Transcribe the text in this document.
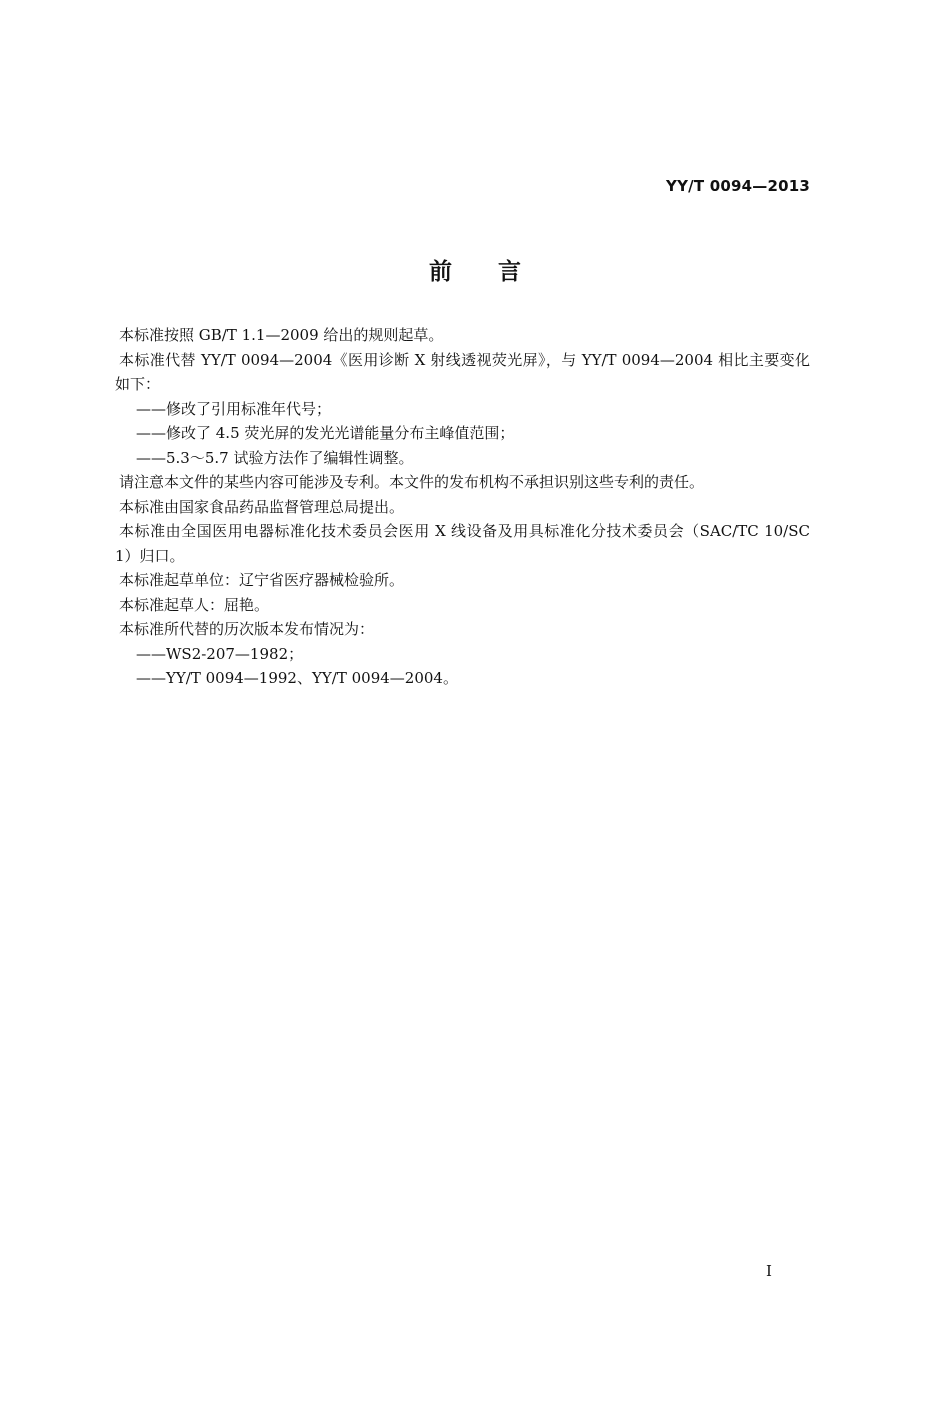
YY/T 0094—2013
前言

本标准按照 GB/T 1.1—2009 给出的规则起草。

本标准代替 YY/T 0094—2004《医用诊断 X 射线透视荧光屏》，与 YY/T 0094—2004 相比主要变化如下：

——修改了引用标准年代号；

——修改了 4.5 荧光屏的发光光谱能量分布主峰值范围；

——5.3～5.7 试验方法作了编辑性调整。

请注意本文件的某些内容可能涉及专利。本文件的发布机构不承担识别这些专利的责任。

本标准由国家食品药品监督管理总局提出。

本标准由全国医用电器标准化技术委员会医用 X 线设备及用具标准化分技术委员会（SAC/TC 10/SC 1）归口。

本标准起草单位：辽宁省医疗器械检验所。

本标准起草人：屈艳。

本标准所代替的历次版本发布情况为：

——WS2-207—1982；

——YY/T 0094—1992、YY/T 0094—2004。

I
